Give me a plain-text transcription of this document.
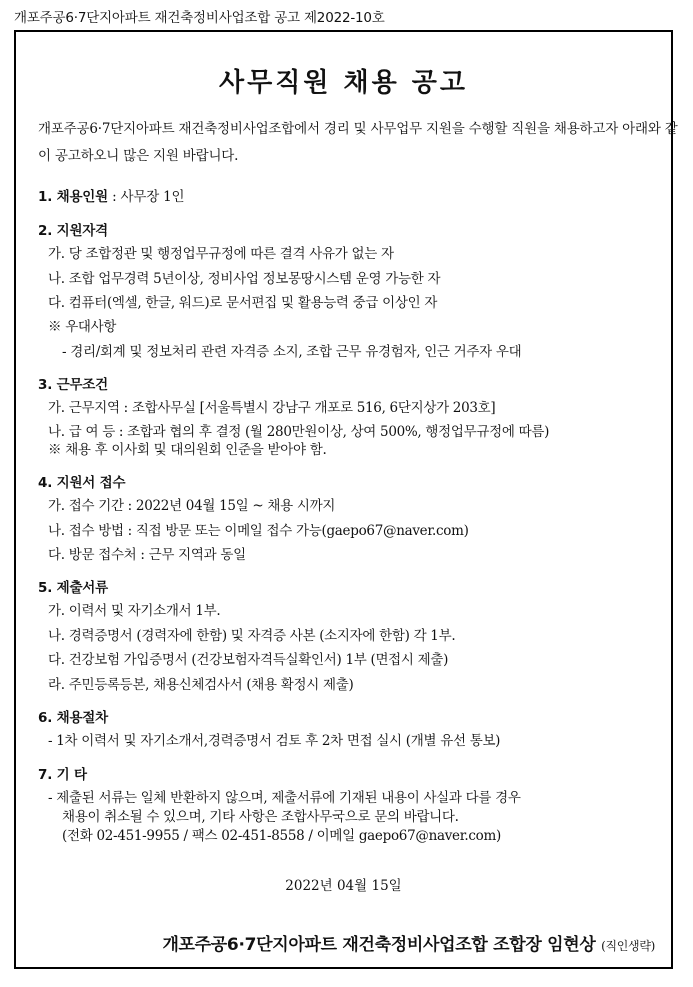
개포주공6·7단지아파트 재건축정비사업조합 공고 제2022-10호
사무직원 채용 공고
개포주공6·7단지아파트 재건축정비사업조합에서 경리 및 사무업무 지원을 수행할 직원을 채용하고자 아래와 같이 공고하오니 많은 지원 바랍니다.
1. 채용인원 : 사무장 1인
2. 지원자격
가. 당 조합정관 및 행정업무규정에 따른 결격 사유가 없는 자
나. 조합 업무경력 5년이상, 정비사업 정보몽땅시스템 운영 가능한 자
다. 컴퓨터(엑셀, 한글, 워드)로 문서편집 및 활용능력 중급 이상인 자
※ 우대사항
- 경리/회계 및 정보처리 관련 자격증 소지, 조합 근무 유경험자, 인근 거주자 우대
3. 근무조건
가. 근무지역 : 조합사무실 [서울특별시 강남구 개포로 516, 6단지상가 203호]
나. 급 여 등 : 조합과 협의 후 결정 (월 280만원이상, 상여 500%, 행정업무규정에 따름)
※ 채용 후 이사회 및 대의원회 인준을 받아야 함.
4. 지원서 접수
가. 접수 기간 : 2022년 04월 15일 ~ 채용 시까지
나. 접수 방법 : 직접 방문 또는 이메일 접수 가능(gaepo67@naver.com)
다. 방문 접수처 : 근무 지역과 동일
5. 제출서류
가. 이력서 및 자기소개서 1부.
나. 경력증명서 (경력자에 한함) 및 자격증 사본 (소지자에 한함) 각 1부.
다. 건강보험 가입증명서 (건강보험자격득실확인서) 1부 (면접시 제출)
라. 주민등록등본, 채용신체검사서 (채용 확정시 제출)
6. 채용절차
- 1차 이력서 및 자기소개서,경력증명서 검토 후 2차 면접 실시 (개별 유선 통보)
7. 기 타
- 제출된 서류는 일체 반환하지 않으며, 제출서류에 기재된 내용이 사실과 다를 경우
채용이 취소될 수 있으며, 기타 사항은 조합사무국으로 문의 바랍니다.
(전화 02-451-9955 / 팩스 02-451-8558 / 이메일 gaepo67@naver.com)
2022년 04월 15일
개포주공6·7단지아파트 재건축정비사업조합 조합장 임현상 (직인생략)
